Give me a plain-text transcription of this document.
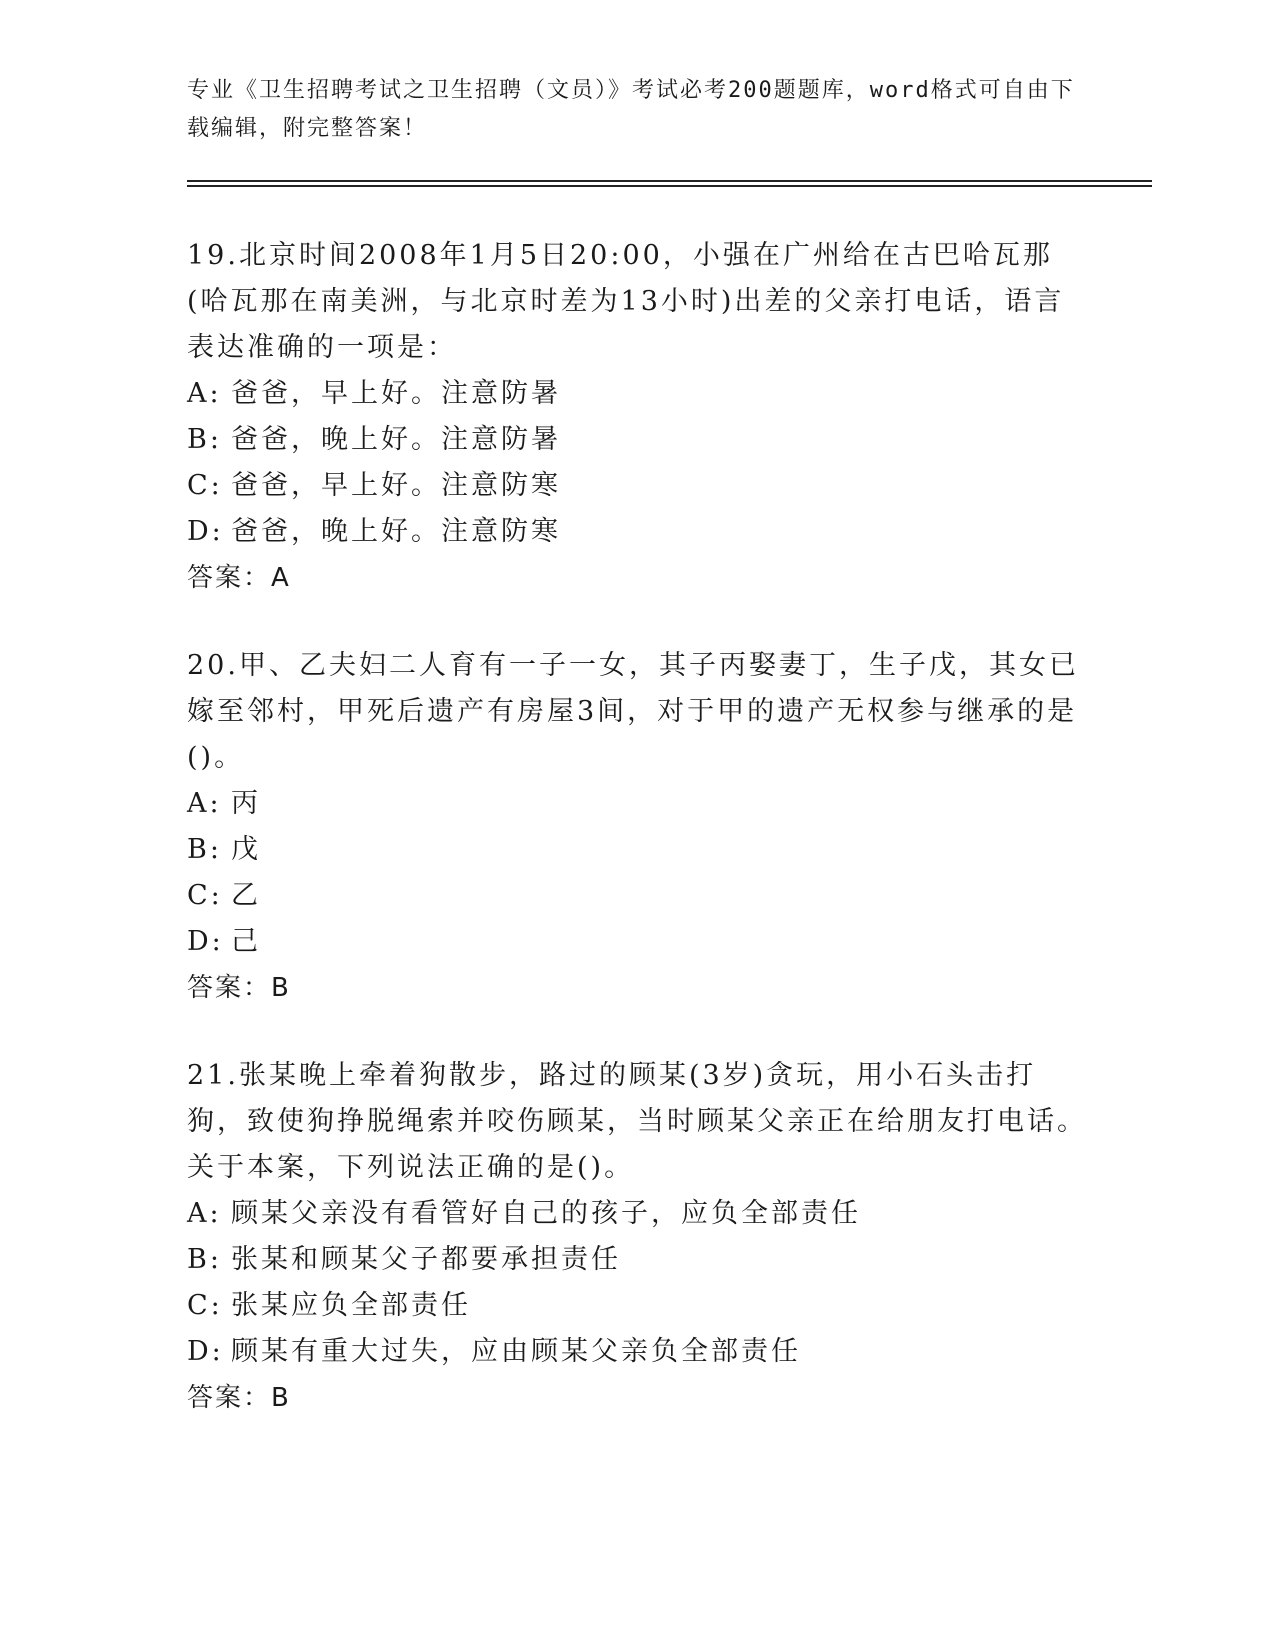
专业《卫生招聘考试之卫生招聘（文员）》考试必考200题题库，word格式可自由下载编辑，附完整答案！
19.北京时间2008年1月5日20:00，小强在广州给在古巴哈瓦那(哈瓦那在南美洲，与北京时差为13小时)出差的父亲打电话，语言表达准确的一项是：
A: 爸爸，早上好。注意防暑
B: 爸爸，晚上好。注意防暑
C: 爸爸，早上好。注意防寒
D: 爸爸，晚上好。注意防寒
答案：A
20.甲、乙夫妇二人育有一子一女，其子丙娶妻丁，生子戊，其女已嫁至邻村，甲死后遗产有房屋3间，对于甲的遗产无权参与继承的是()。
A: 丙
B: 戊
C: 乙
D: 己
答案：B
21.张某晚上牵着狗散步，路过的顾某(3岁)贪玩，用小石头击打狗，致使狗挣脱绳索并咬伤顾某，当时顾某父亲正在给朋友打电话。关于本案，下列说法正确的是()。
A: 顾某父亲没有看管好自己的孩子，应负全部责任
B: 张某和顾某父子都要承担责任
C: 张某应负全部责任
D: 顾某有重大过失，应由顾某父亲负全部责任
答案：B
